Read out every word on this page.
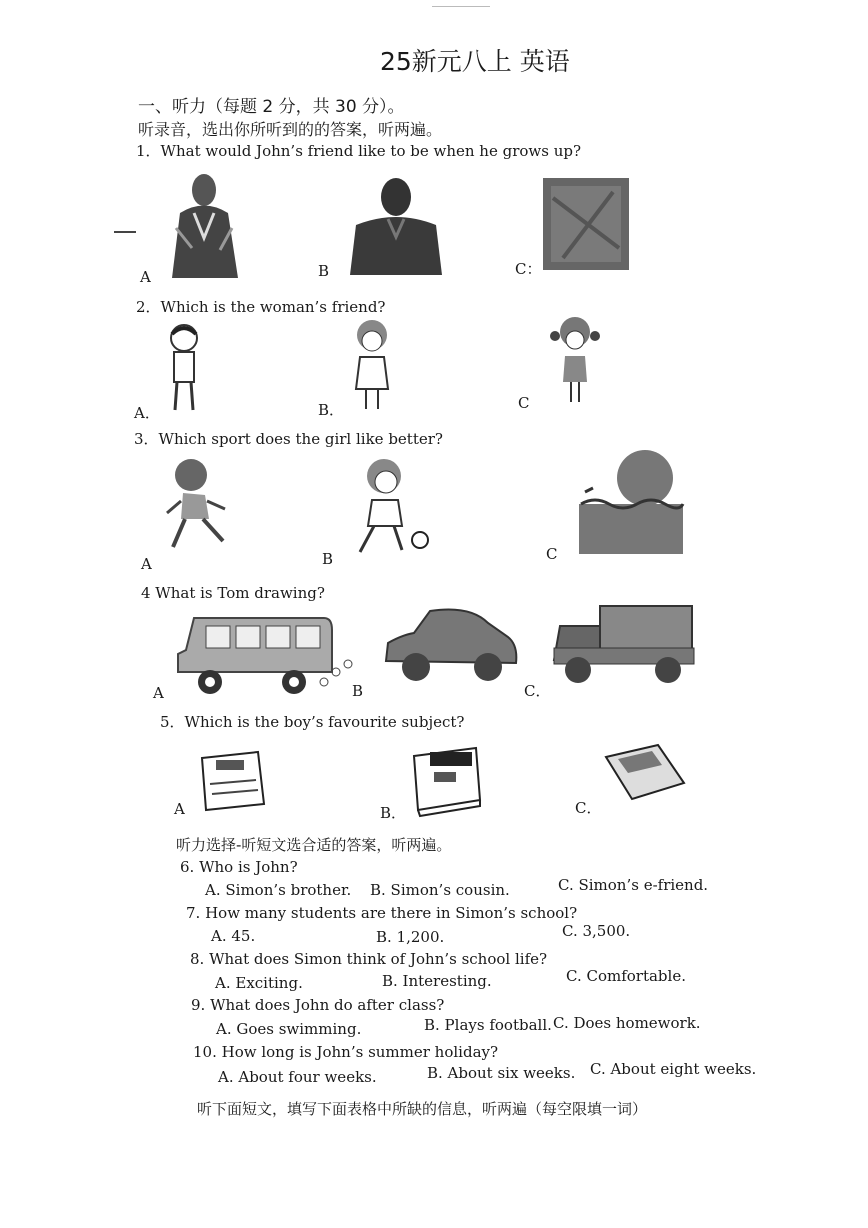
25新元八上 英语
一、听力（每题 2 分，共 30 分）。
听录音，选出你所听到的的答案，听两遍。
1．What would John’s friend like to be when he grows up?
A	B	C：
2．Which is the woman’s friend?
A．	B．	C
3．Which sport does the girl like better?
A	B	C
4 What is Tom drawing?
A	B	C．
5．Which is the boy’s favourite subject?
A	B．	C．
听力选择-听短文选合适的答案，听两遍。
6. Who is John?
A. Simon’s brother. B. Simon’s cousin.	C. Simon’s e-friend.
7. How many students are there in Simon’s school?
A. 45.	B. 1,200.	C. 3,500.
8. What does Simon think of John’s school life?
A. Exciting.	B. Interesting.	C. Comfortable.
9. What does John do after class?
A. Goes swimming.	B. Plays football. C. Does homework.
10. How long is John’s summer holiday?
A. About four weeks.	B. About six weeks. C. About eight weeks.
听下面短文，填写下面表格中所缺的信息，听两遍（每空限填一词）
